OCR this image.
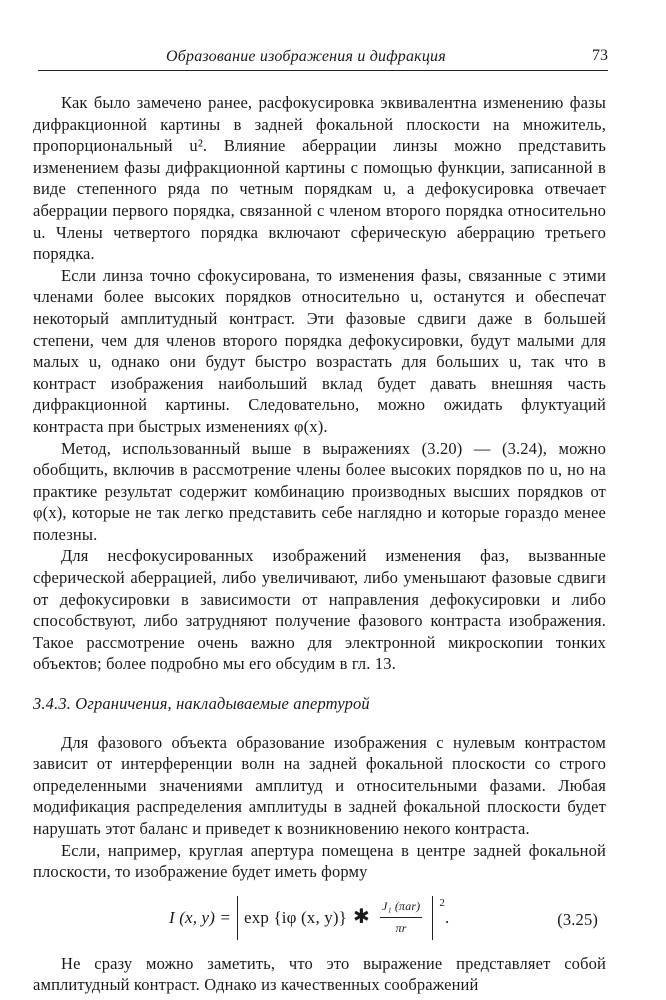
Образование изображения и дифракция	73

Как было замечено ранее, расфокусировка эквивалентна изменению фазы дифракционной картины в задней фокальной плоскости на множитель, пропорциональный u². Влияние аберрации линзы можно представить изменением фазы дифракционной картины с помощью функции, записанной в виде степенного ряда по четным порядкам u, а дефокусировка отвечает аберрации первого порядка, связанной с членом второго порядка относительно u. Члены четвертого порядка включают сферическую аберрацию третьего порядка.

Если линза точно сфокусирована, то изменения фазы, связанные с этими членами более высоких порядков относительно u, останутся и обеспечат некоторый амплитудный контраст. Эти фазовые сдвиги даже в большей степени, чем для членов второго порядка дефокусировки, будут малыми для малых u, однако они будут быстро возрастать для больших u, так что в контраст изображения наибольший вклад будет давать внешняя часть дифракционной картины. Следовательно, можно ожидать флуктуаций контраста при быстрых изменениях φ(x).

Метод, использованный выше в выражениях (3.20) — (3.24), можно обобщить, включив в рассмотрение члены более высоких порядков по u, но на практике результат содержит комбинацию производных высших порядков от φ(x), которые не так легко представить себе наглядно и которые гораздо менее полезны.

Для несфокусированных изображений изменения фаз, вызванные сферической аберрацией, либо увеличивают, либо уменьшают фазовые сдвиги от дефокусировки в зависимости от направления дефокусировки и либо способствуют, либо затрудняют получение фазового контраста изображения. Такое рассмотрение очень важно для электронной микроскопии тонких объектов; более подробно мы его обсудим в гл. 13.

3.4.3. Ограничения, накладываемые апертурой

Для фазового объекта образование изображения с нулевым контрастом зависит от интерференции волн на задней фокальной плоскости со строго определенными значениями амплитуд и относительными фазами. Любая модификация распределения амплитуды в задней фокальной плоскости будет нарушать этот баланс и приведет к возникновению некого контраста.

Если, например, круглая апертура помещена в центре задней фокальной плоскости, то изображение будет иметь форму

I (x, y) = exp {iφ (x, y)} ✱ $\frac{\text{J₁ (πar)}}{\pi r} 2$
.	(3.25)

Не сразу можно заметить, что это выражение представляет собой амплитудный контраст. Однако из качественных соображений
